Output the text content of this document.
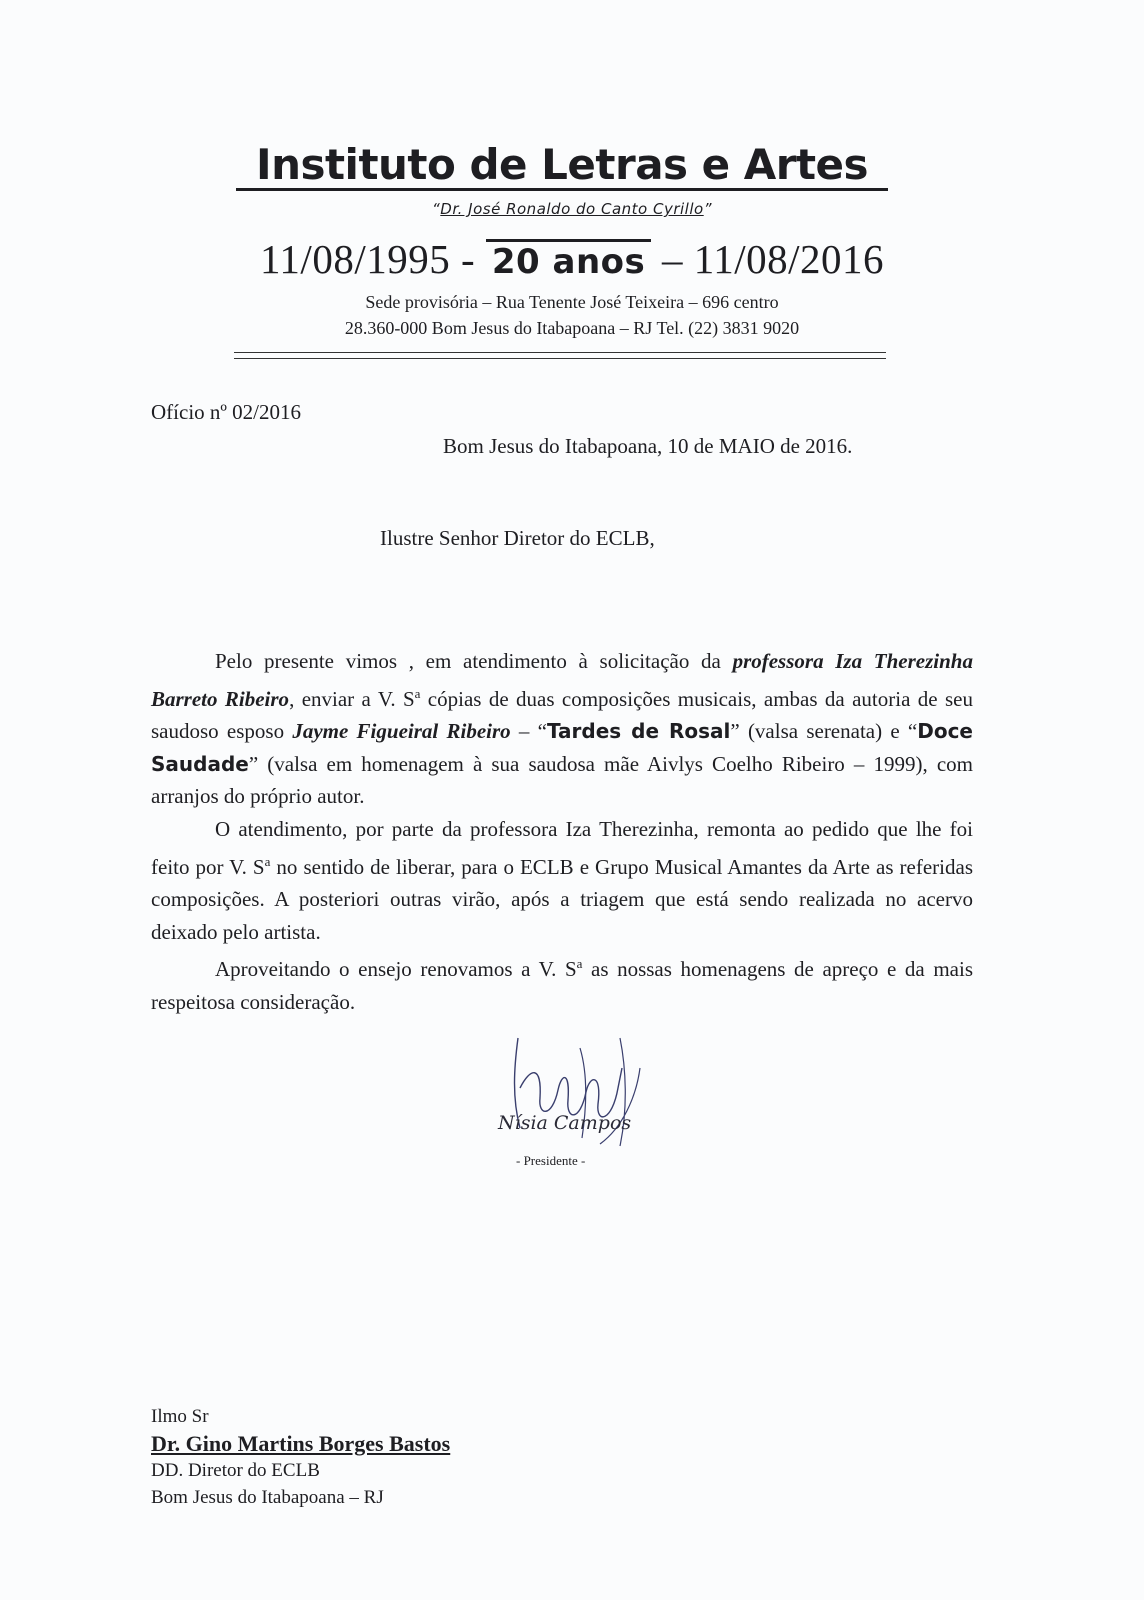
Instituto de Letras e Artes
“Dr. José Ronaldo do Canto Cyrillo”
11/08/1995 - 20 anos – 11/08/2016
Sede provisória – Rua Tenente José Teixeira – 696 centro
28.360-000 Bom Jesus do Itabapoana – RJ Tel. (22) 3831 9020
Ofício nº 02/2016
Bom Jesus do Itabapoana, 10 de MAIO de 2016.
Ilustre Senhor Diretor do ECLB,

Pelo presente vimos , em atendimento à solicitação da professora Iza Therezinha Barreto Ribeiro, enviar a V. $S^a$ cópias de duas composições musicais, ambas da autoria de seu saudoso esposo Jayme Figueiral Ribeiro – “Tardes de Rosal” (valsa serenata) e “Doce Saudade” (valsa em homenagem à sua saudosa mãe Aivlys Coelho Ribeiro – 1999), com arranjos do próprio autor.

O atendimento, por parte da professora Iza Therezinha, remonta ao pedido que lhe foi feito por V. $S^a$ no sentido de liberar, para o ECLB e Grupo Musical Amantes da Arte as referidas composições. A posteriori outras virão, após a triagem que está sendo realizada no acervo deixado pelo artista.

Aproveitando o ensejo renovamos a V. $S^a$ as nossas homenagens de apreço e da mais respeitosa consideração.

Nísia Campos
- Presidente -
Ilmo Sr
Dr. Gino Martins Borges Bastos
DD. Diretor do ECLB
Bom Jesus do Itabapoana – RJ
